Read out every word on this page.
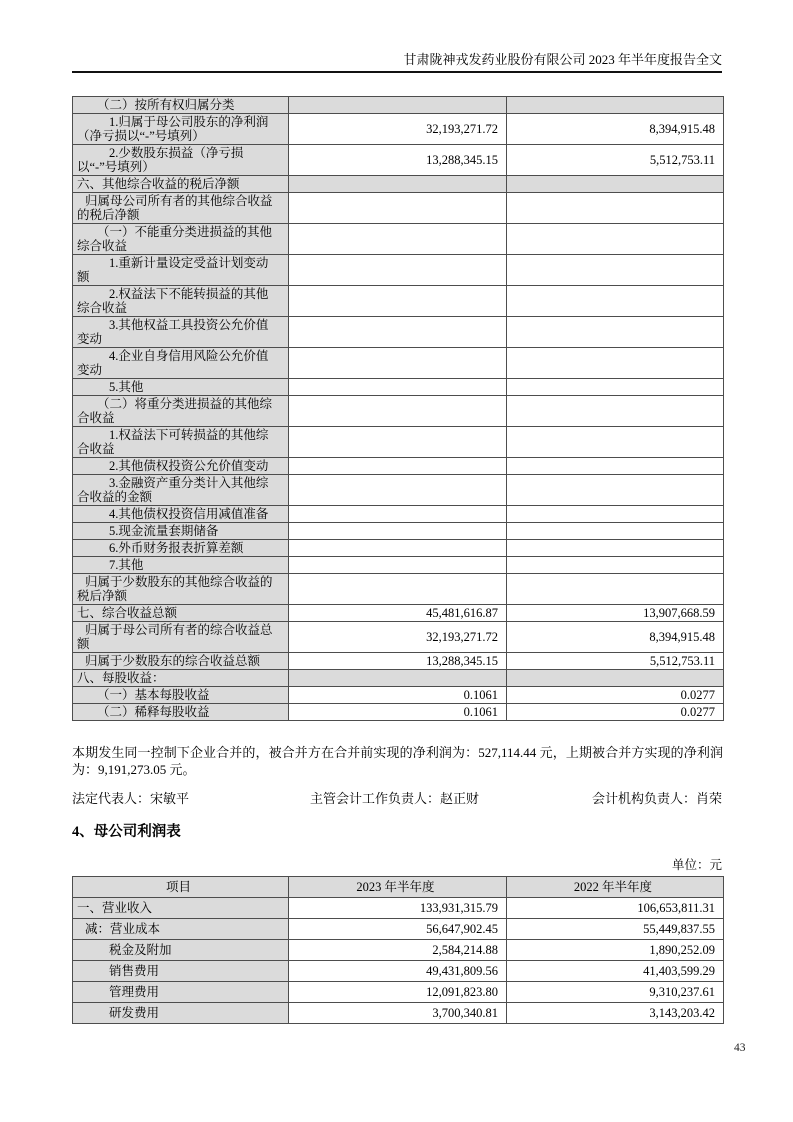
甘肃陇神戎发药业股份有限公司 2023 年半年度报告全文
（二）按所有权归属分类		
1.归属于母公司股东的净利润（净亏损以“-”号填列）	32,193,271.72	8,394,915.48
2.少数股东损益（净亏损以“-”号填列）	13,288,345.15	5,512,753.11
六、其他综合收益的税后净额		
归属母公司所有者的其他综合收益的税后净额		
（一）不能重分类进损益的其他综合收益		
1.重新计量设定受益计划变动额		
2.权益法下不能转损益的其他综合收益		
3.其他权益工具投资公允价值变动		
4.企业自身信用风险公允价值变动		
5.其他		
（二）将重分类进损益的其他综合收益		
1.权益法下可转损益的其他综合收益		
2.其他债权投资公允价值变动		
3.金融资产重分类计入其他综合收益的金额		
4.其他债权投资信用减值准备		
5.现金流量套期储备		
6.外币财务报表折算差额		
7.其他		
归属于少数股东的其他综合收益的税后净额		
七、综合收益总额	45,481,616.87	13,907,668.59
归属于母公司所有者的综合收益总额	32,193,271.72	8,394,915.48
归属于少数股东的综合收益总额	13,288,345.15	5,512,753.11
八、每股收益：		
（一）基本每股收益	0.1061	0.0277
（二）稀释每股收益	0.1061	0.0277

本期发生同一控制下企业合并的，被合并方在合并前实现的净利润为：527,114.44 元，上期被合并方实现的净利润为：9,191,273.05 元。

法定代表人：宋敏平	主管会计工作负责人：赵正财	会计机构负责人：肖荣
4、母公司利润表
单位：元
项目	2023 年半年度	2022 年半年度
一、营业收入	133,931,315.79	106,653,811.31
减：营业成本	56,647,902.45	55,449,837.55
税金及附加	2,584,214.88	1,890,252.09
销售费用	49,431,809.56	41,403,599.29
管理费用	12,091,823.80	9,310,237.61
研发费用	3,700,340.81	3,143,203.42
43
